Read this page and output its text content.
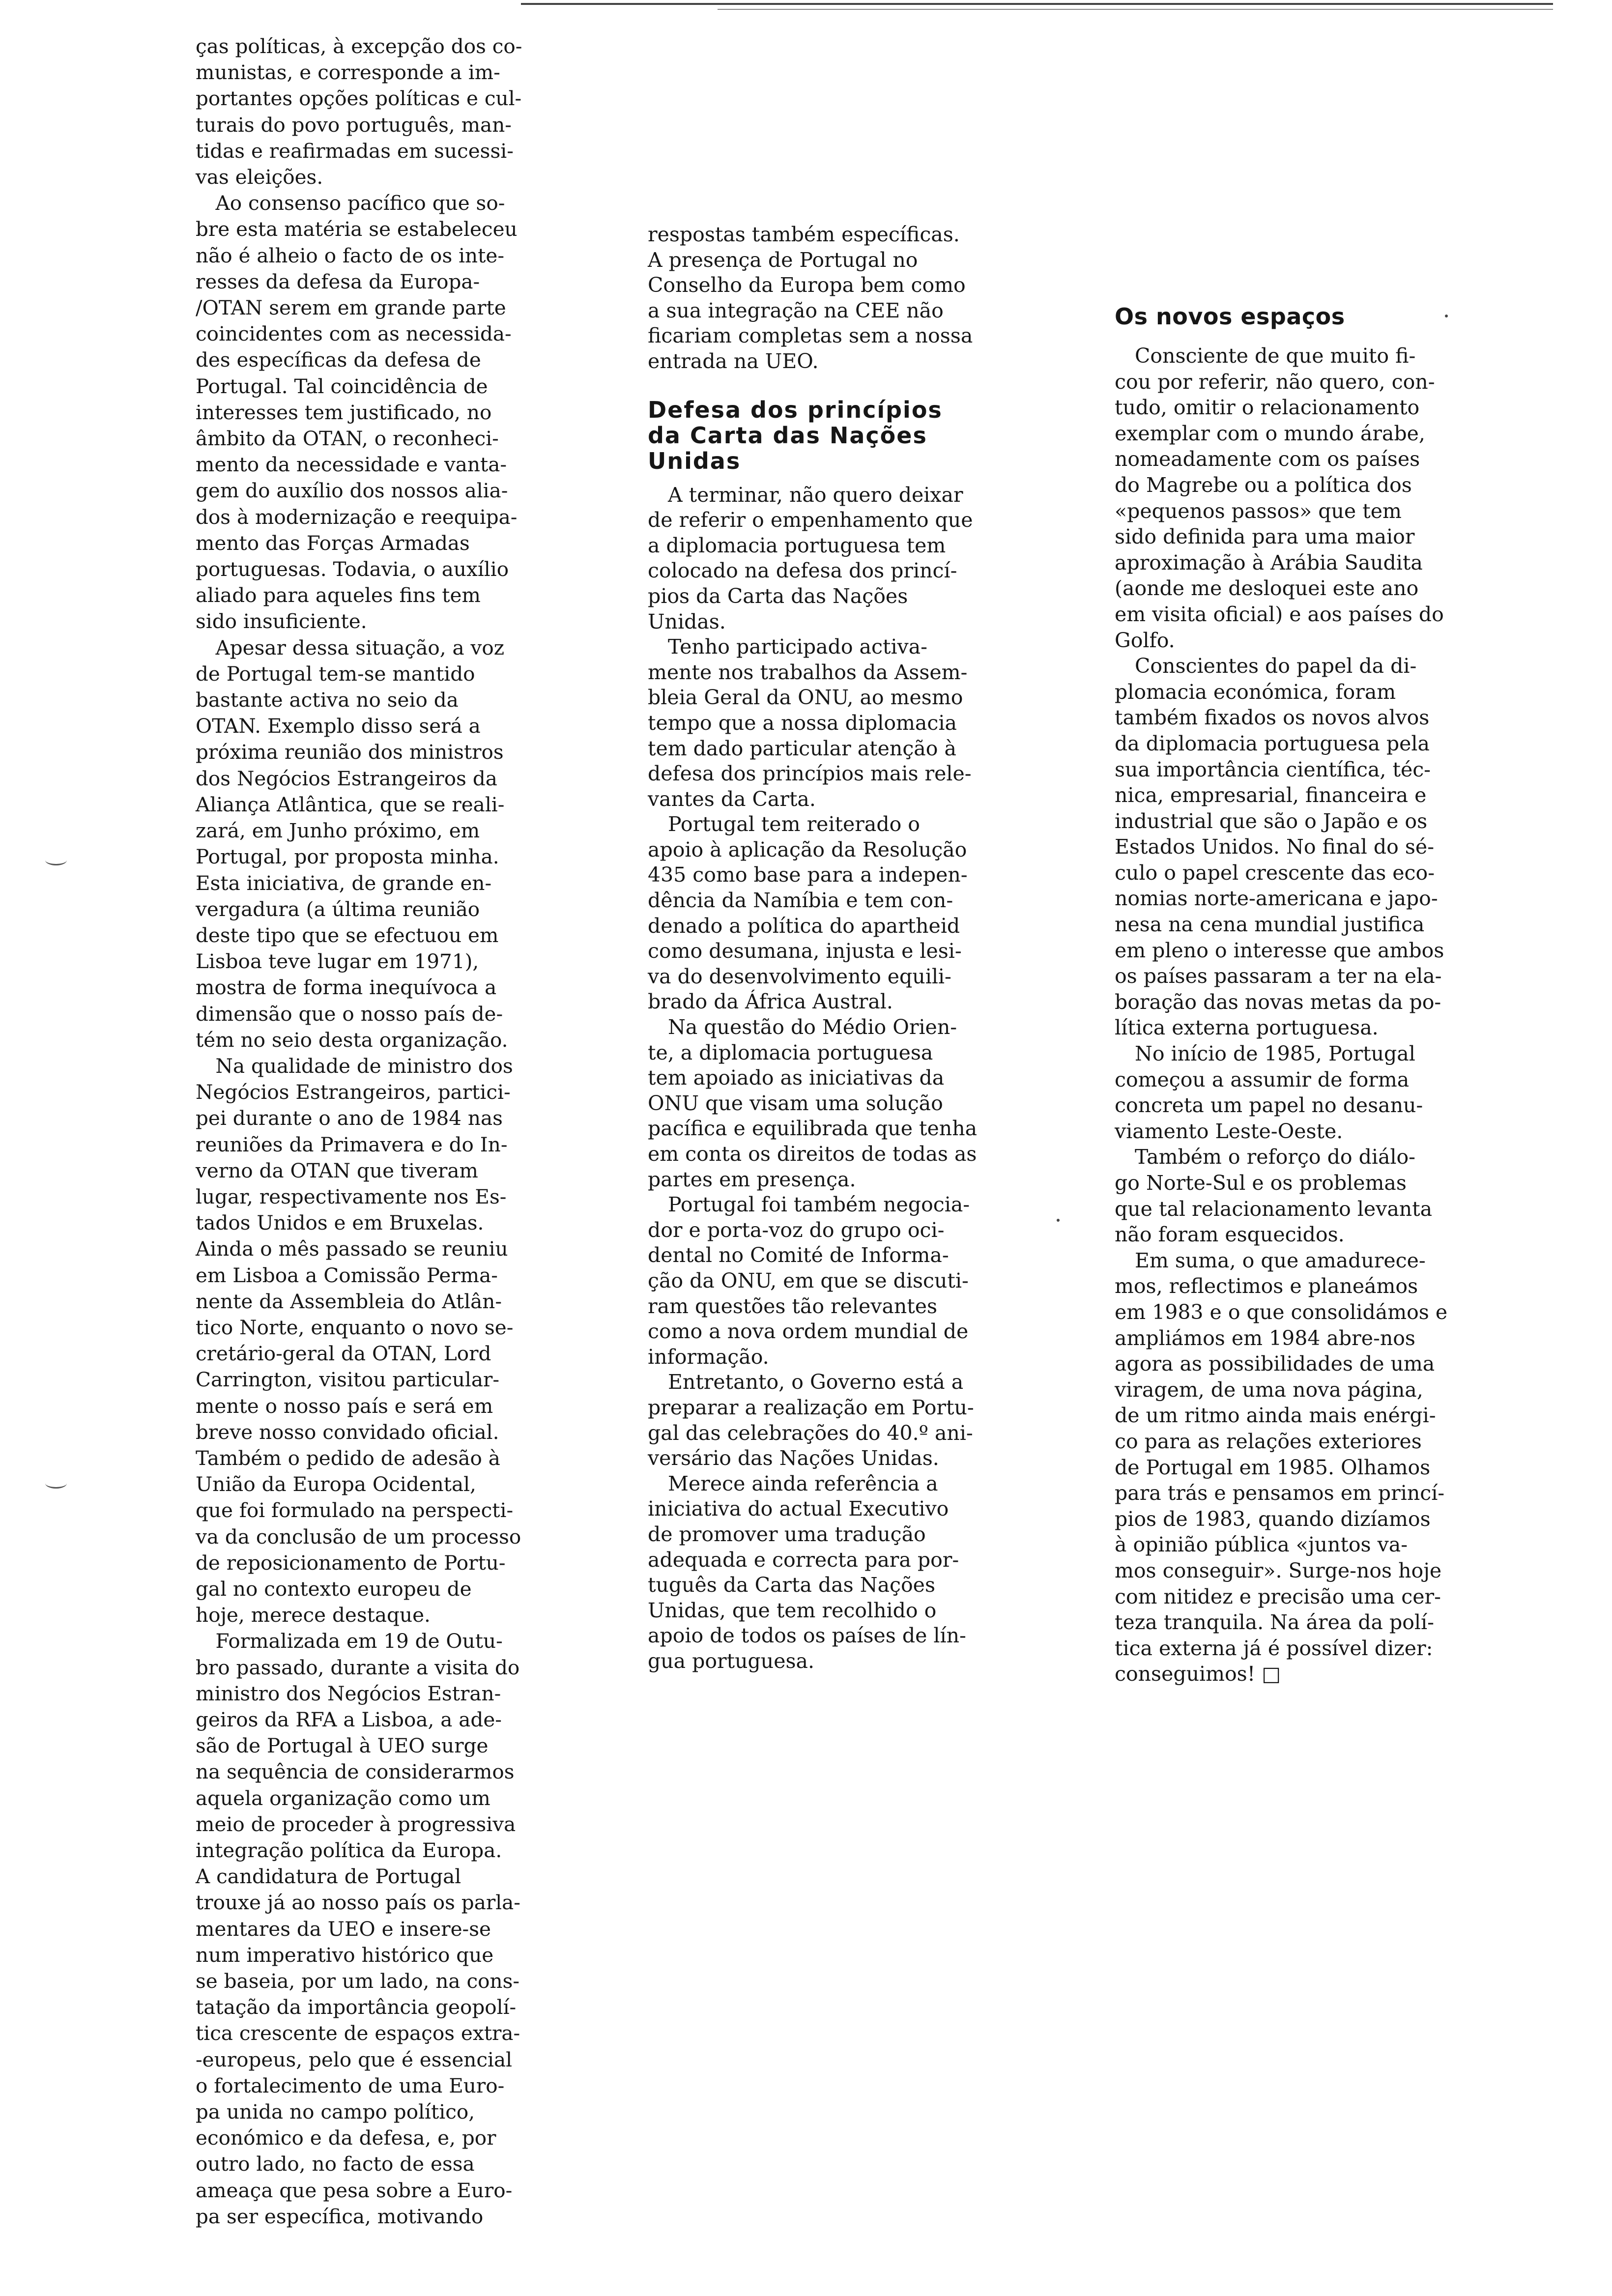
ças políticas, à excepção dos co-
munistas, e corresponde a im-
portantes opções políticas e cul-
turais do povo português, man-
tidas e reafirmadas em sucessi-
vas eleições.
 Ao consenso pacífico que so-
bre esta matéria se estabeleceu
não é alheio o facto de os inte-
resses da defesa da Europa-
/OTAN serem em grande parte
coincidentes com as necessida-
des específicas da defesa de
Portugal. Tal coincidência de
interesses tem justificado, no
âmbito da OTAN, o reconheci-
mento da necessidade e vanta-
gem do auxílio dos nossos alia-
dos à modernização e reequipa-
mento das Forças Armadas
portuguesas. Todavia, o auxílio
aliado para aqueles fins tem
sido insuficiente.
 Apesar dessa situação, a voz
de Portugal tem-se mantido
bastante activa no seio da
OTAN. Exemplo disso será a
próxima reunião dos ministros
dos Negócios Estrangeiros da
Aliança Atlântica, que se reali-
zará, em Junho próximo, em
Portugal, por proposta minha.
Esta iniciativa, de grande en-
vergadura (a última reunião
deste tipo que se efectuou em
Lisboa teve lugar em 1971),
mostra de forma inequívoca a
dimensão que o nosso país de-
tém no seio desta organização.
 Na qualidade de ministro dos
Negócios Estrangeiros, partici-
pei durante o ano de 1984 nas
reuniões da Primavera e do In-
verno da OTAN que tiveram
lugar, respectivamente nos Es-
tados Unidos e em Bruxelas.
Ainda o mês passado se reuniu
em Lisboa a Comissão Perma-
nente da Assembleia do Atlân-
tico Norte, enquanto o novo se-
cretário-geral da OTAN, Lord
Carrington, visitou particular-
mente o nosso país e será em
breve nosso convidado oficial.
Também o pedido de adesão à
União da Europa Ocidental,
que foi formulado na perspecti-
va da conclusão de um processo
de reposicionamento de Portu-
gal no contexto europeu de
hoje, merece destaque.
 Formalizada em 19 de Outu-
bro passado, durante a visita do
ministro dos Negócios Estran-
geiros da RFA a Lisboa, a ade-
são de Portugal à UEO surge
na sequência de considerarmos
aquela organização como um
meio de proceder à progressiva
integração política da Europa.
A candidatura de Portugal
trouxe já ao nosso país os parla-
mentares da UEO e insere-se
num imperativo histórico que
se baseia, por um lado, na cons-
tatação da importância geopolí-
tica crescente de espaços extra-
-europeus, pelo que é essencial
o fortalecimento de uma Euro-
pa unida no campo político,
económico e da defesa, e, por
outro lado, no facto de essa
ameaça que pesa sobre a Euro-
pa ser específica, motivando
respostas também específicas.
A presença de Portugal no
Conselho da Europa bem como
a sua integração na CEE não
ficariam completas sem a nossa
entrada na UEO.
Defesa dos princípios
da Carta das Nações
Unidas
 A terminar, não quero deixar
de referir o empenhamento que
a diplomacia portuguesa tem
colocado na defesa dos princí-
pios da Carta das Nações
Unidas.
 Tenho participado activa-
mente nos trabalhos da Assem-
bleia Geral da ONU, ao mesmo
tempo que a nossa diplomacia
tem dado particular atenção à
defesa dos princípios mais rele-
vantes da Carta.
 Portugal tem reiterado o
apoio à aplicação da Resolução
435 como base para a indepen-
dência da Namíbia e tem con-
denado a política do apartheid
como desumana, injusta e lesi-
va do desenvolvimento equili-
brado da África Austral.
 Na questão do Médio Orien-
te, a diplomacia portuguesa
tem apoiado as iniciativas da
ONU que visam uma solução
pacífica e equilibrada que tenha
em conta os direitos de todas as
partes em presença.
 Portugal foi também negocia-
dor e porta-voz do grupo oci-
dental no Comité de Informa-
ção da ONU, em que se discuti-
ram questões tão relevantes
como a nova ordem mundial de
informação.
 Entretanto, o Governo está a
preparar a realização em Portu-
gal das celebrações do 40.º ani-
versário das Nações Unidas.
 Merece ainda referência a
iniciativa do actual Executivo
de promover uma tradução
adequada e correcta para por-
tuguês da Carta das Nações
Unidas, que tem recolhido o
apoio de todos os países de lín-
gua portuguesa.
Os novos espaços
 Consciente de que muito fi-
cou por referir, não quero, con-
tudo, omitir o relacionamento
exemplar com o mundo árabe,
nomeadamente com os países
do Magrebe ou a política dos
«pequenos passos» que tem
sido definida para uma maior
aproximação à Arábia Saudita
(aonde me desloquei este ano
em visita oficial) e aos países do
Golfo.
 Conscientes do papel da di-
plomacia económica, foram
também fixados os novos alvos
da diplomacia portuguesa pela
sua importância científica, téc-
nica, empresarial, financeira e
industrial que são o Japão e os
Estados Unidos. No final do sé-
culo o papel crescente das eco-
nomias norte-americana e japo-
nesa na cena mundial justifica
em pleno o interesse que ambos
os países passaram a ter na ela-
boração das novas metas da po-
lítica externa portuguesa.
 No início de 1985, Portugal
começou a assumir de forma
concreta um papel no desanu-
viamento Leste-Oeste.
 Também o reforço do diálo-
go Norte-Sul e os problemas
que tal relacionamento levanta
não foram esquecidos.
 Em suma, o que amadurece-
mos, reflectimos e planeámos
em 1983 e o que consolidámos e
ampliámos em 1984 abre-nos
agora as possibilidades de uma
viragem, de uma nova página,
de um ritmo ainda mais enérgi-
co para as relações exteriores
de Portugal em 1985. Olhamos
para trás e pensamos em princí-
pios de 1983, quando dizíamos
à opinião pública «juntos va-
mos conseguir». Surge-nos hoje
com nitidez e precisão uma cer-
teza tranquila. Na área da polí-
tica externa já é possível dizer:
conseguimos! □
